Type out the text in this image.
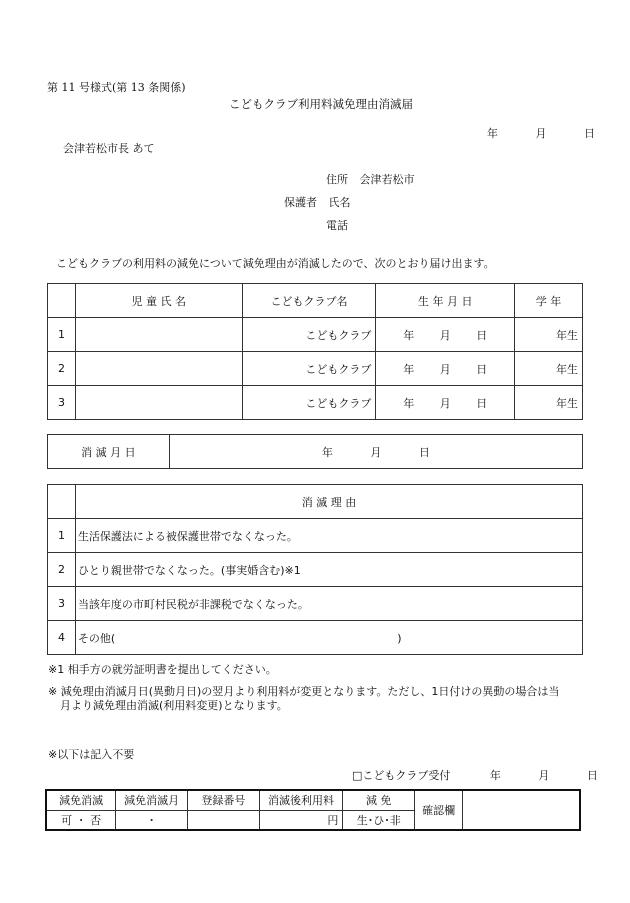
第 11 号様式(第 13 条関係)
こどもクラブ利用料減免理由消滅届
年	月	日
会津若松市長 あて
住所 会津若松市
保護者 氏名
電話
こどもクラブの利用料の減免について減免理由が消滅したので、次のとおり届け出ます。
	児 童 氏 名	こどもクラブ名	生 年 月 日	学 年
1		こどもクラブ	年 月 日	年生
2		こどもクラブ	年 月 日	年生
3		こどもクラブ	年 月 日	年生
消 滅 月 日	年	月	日
	消 滅 理 由
1	生活保護法による被保護世帯でなくなった。
2	ひとり親世帯でなくなった。(事実婚含む)※1
3	当該年度の市町村民税が非課税でなくなった。
4	その他( )
※1 相手方の就労証明書を提出してください。
※ 減免理由消滅月日(異動月日)の翌月より利用料が変更となります。ただし、1日付けの異動の場合は当
月より減免理由消滅(利用料変更)となります。
※以下は記入不要
□こどもクラブ受付	年	月	日
減免消滅	減免消滅月	登録番号	消滅後利用料	減 免	確認欄	
可 ・ 否	・		円	生･ひ･非		
